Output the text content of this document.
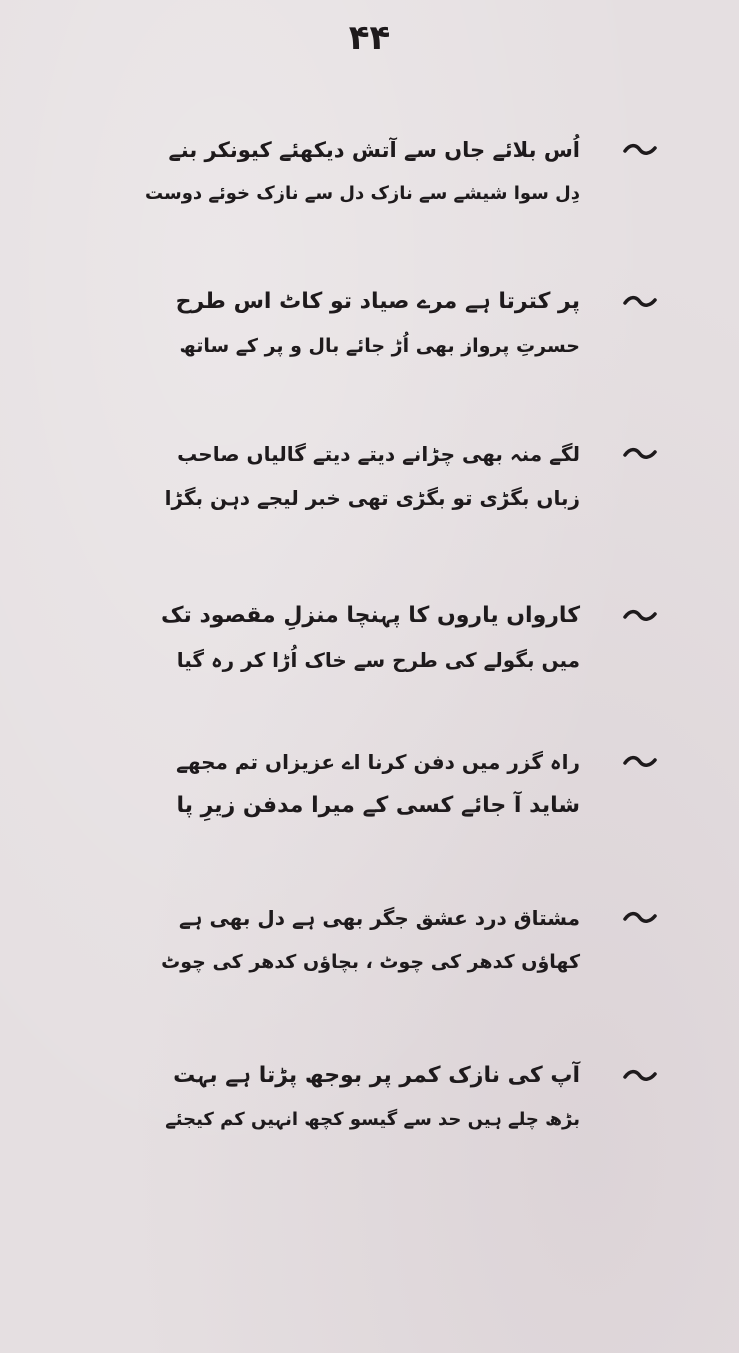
۴۴
اُس بلائے جاں سے آتش دیکھئے کیونکر بنے
دِل سوا شیشے سے نازک دل سے نازک خوئے دوست
پر کترتا ہے مرے صیاد تو کاٹ اس طرح
حسرتِ پرواز بھی اُڑ جائے بال و پر کے ساتھ
لگے منہ بھی چڑانے دیتے دیتے گالیاں صاحب
زباں بگڑی تو بگڑی تھی خبر لیجے دہن بگڑا
کارواں یاروں کا پہنچا منزلِ مقصود تک
میں بگولے کی طرح سے خاک اُڑا کر رہ گیا
راہ گزر میں دفن کرنا اے عزیزاں تم مجھے
شاید آ جائے کسی کے میرا مدفن زیرِ پا
مشتاق درد عشق جگر بھی ہے دل بھی ہے
کھاؤں کدھر کی چوٹ ، بچاؤں کدھر کی چوٹ
آپ کی نازک کمر پر بوجھ پڑتا ہے بہت
بڑھ چلے ہیں حد سے گیسو کچھ انہیں کم کیجئے
